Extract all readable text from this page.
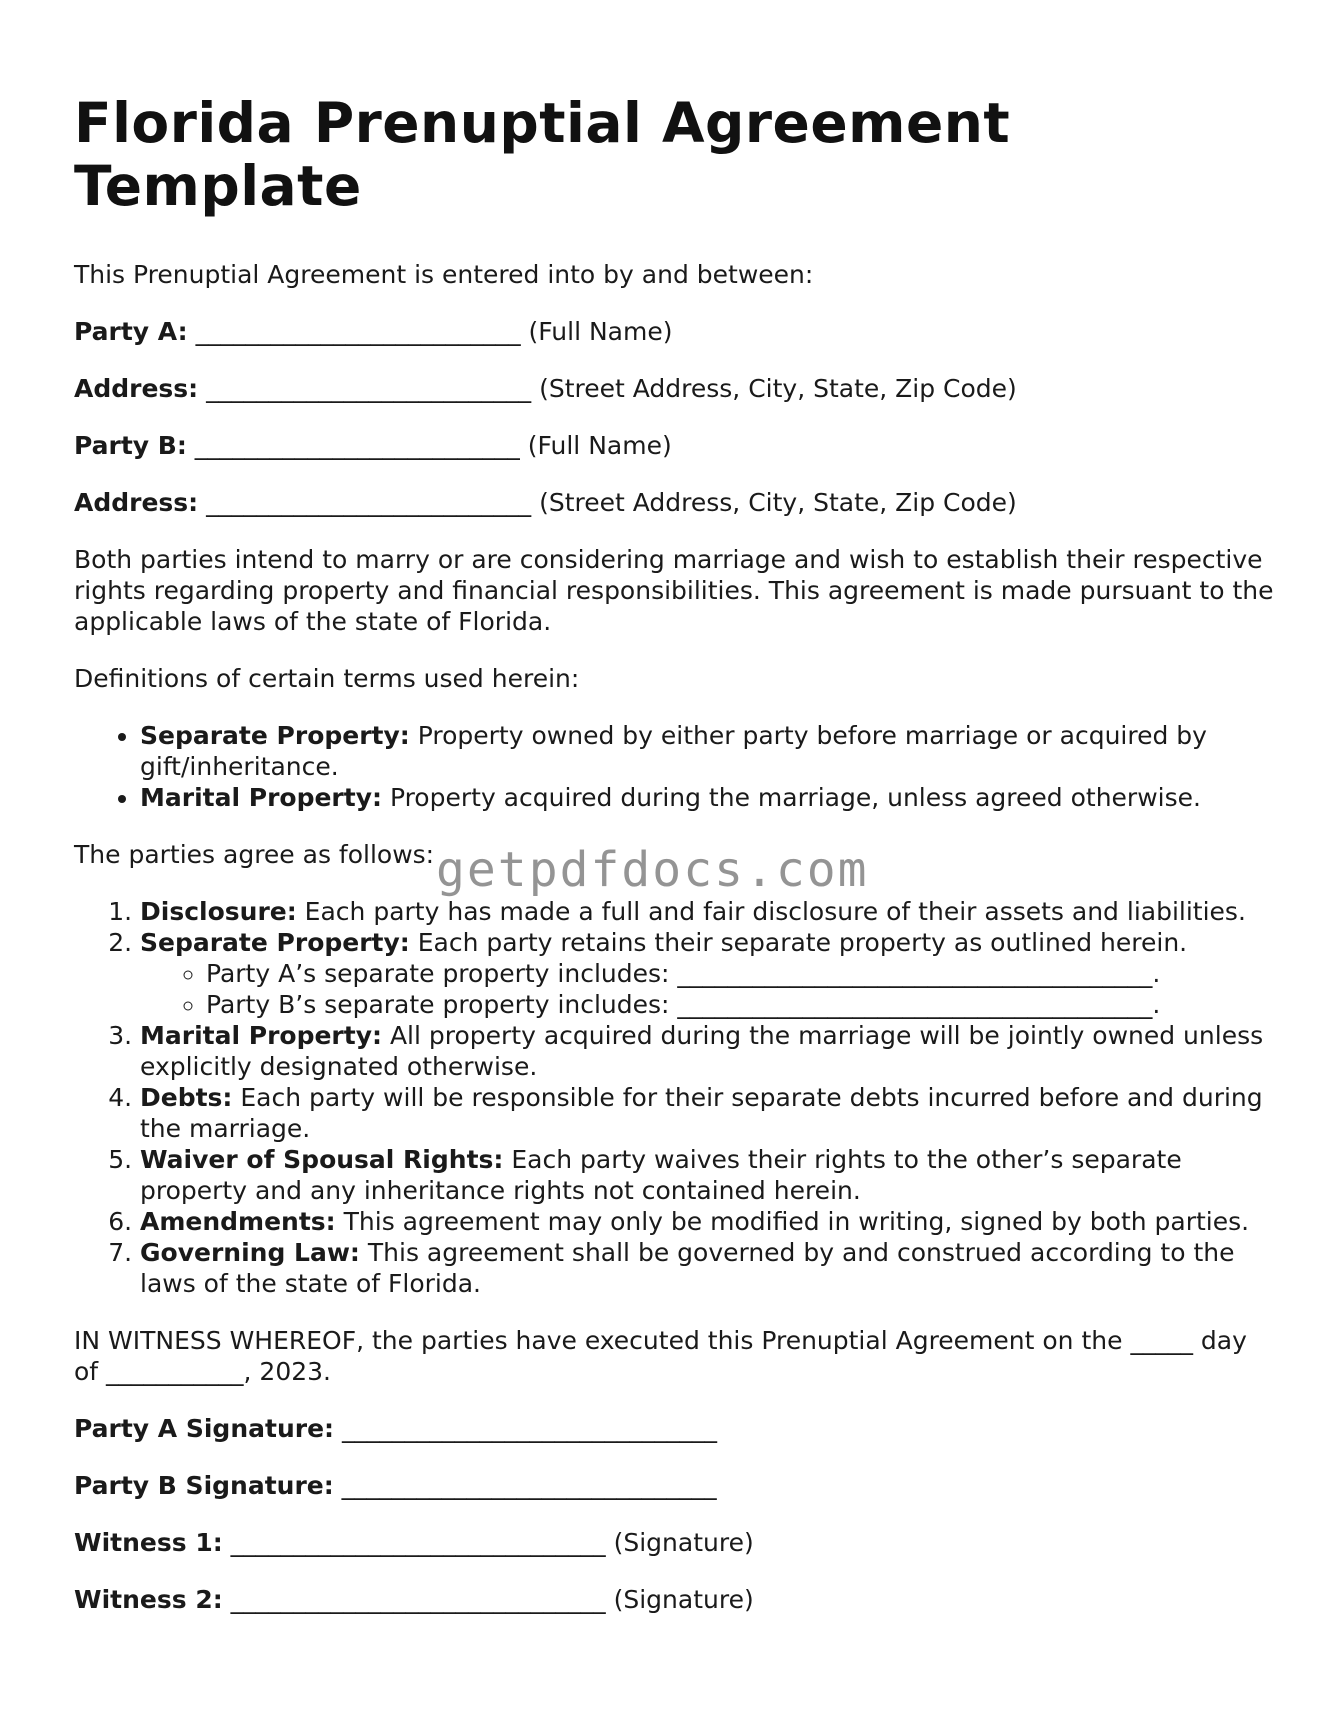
Florida Prenuptial Agreement Template

This Prenuptial Agreement is entered into by and between:

Party A: __________________________ (Full Name)
Address: __________________________ (Street Address, City, State, Zip Code)
Party B: __________________________ (Full Name)
Address: __________________________ (Street Address, City, State, Zip Code)

Both parties intend to marry or are considering marriage and wish to establish their respective rights regarding property and financial responsibilities. This agreement is made pursuant to the applicable laws of the state of Florida.

Definitions of certain terms used herein:

• Separate Property: Property owned by either party before marriage or acquired by gift/inheritance.
• Marital Property: Property acquired during the marriage, unless agreed otherwise.

The parties agree as follows:

1. Disclosure: Each party has made a full and fair disclosure of their assets and liabilities.
2. Separate Property: Each party retains their separate property as outlined herein.
◦ Party A’s separate property includes: ______________________________________.
◦ Party B’s separate property includes: ______________________________________.
3. Marital Property: All property acquired during the marriage will be jointly owned unless explicitly designated otherwise.
4. Debts: Each party will be responsible for their separate debts incurred before and during the marriage.
5. Waiver of Spousal Rights: Each party waives their rights to the other’s separate property and any inheritance rights not contained herein.
6. Amendments: This agreement may only be modified in writing, signed by both parties.
7. Governing Law: This agreement shall be governed by and construed according to the laws of the state of Florida.

IN WITNESS WHEREOF, the parties have executed this Prenuptial Agreement on the _____ day of ___________, 2023.

Party A Signature: ______________________________
Party B Signature: ______________________________
Witness 1: ______________________________ (Signature)
Witness 2: ______________________________ (Signature)
getpdfdocs.com
